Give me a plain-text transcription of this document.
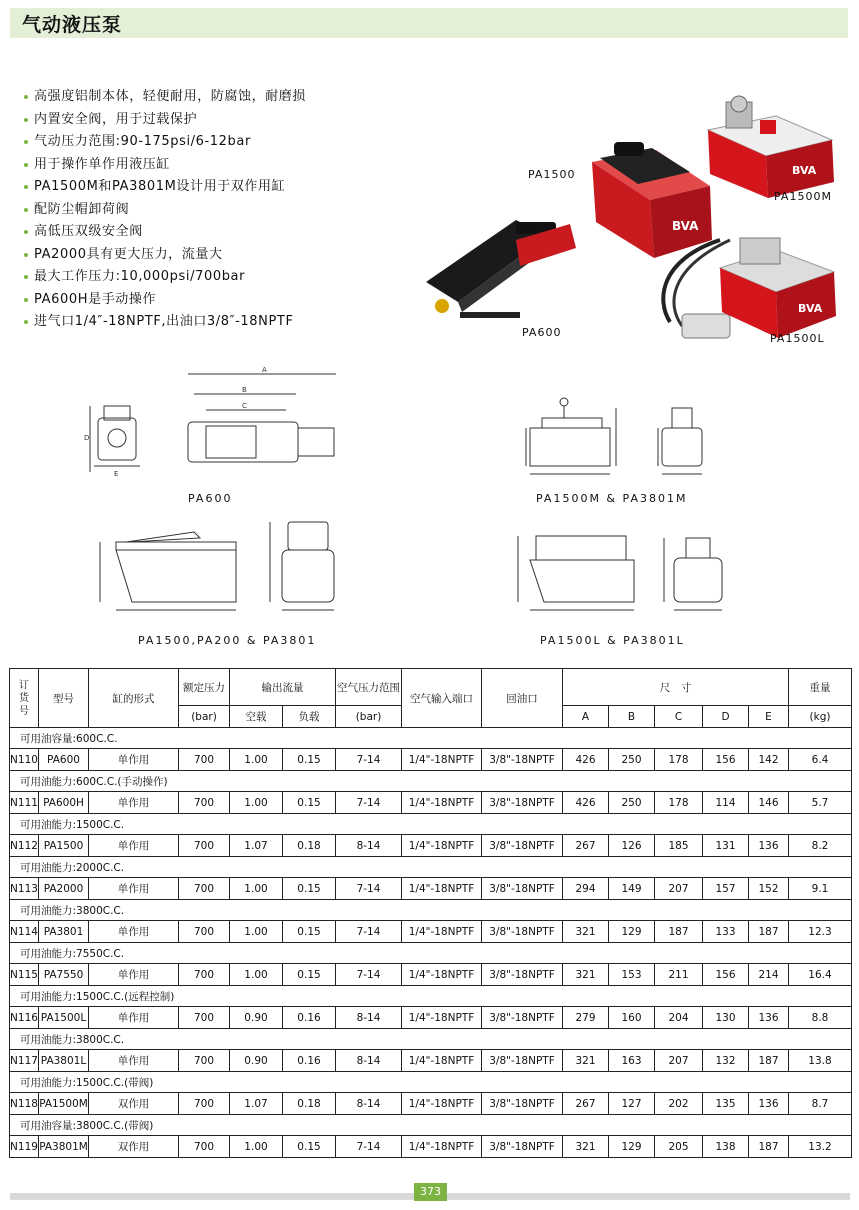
气动液压泵
高强度铝制本体，轻便耐用，防腐蚀，耐磨损
内置安全阀，用于过载保护
气动压力范围:90-175psi/6-12bar
用于操作单作用液压缸
PA1500M和PA3801M设计用于双作用缸
配防尘帽卸荷阀
高低压双级安全阀
PA2000具有更大压力，流量大
最大工作压力:10,000psi/700bar
PA600H是手动操作
进气口1/4″-18NPTF,出油口3/8″-18NPTF
BVA
BVA
BVA
PA1500
PA1500M
PA600	PA1500L
D
E
A
B
C
PA600	PA1500M & PA3801M
PA1500,PA200 & PA3801	PA1500L & PA3801L
订货号	型号	缸的形式	额定压力	输出流量		空气压力范围	空气输入端口	回油口	尺　寸					重量
			(bar)	空载	负载	(bar)			A	B	C	D	E	(kg)
可用油容量:600C.C.														
N110	PA600	单作用	700	1.00	0.15	7-14	1/4"-18NPTF	3/8"-18NPTF	426	250	178	156	142	6.4
可用油能力:600C.C.(手动操作)														
N111	PA600H	单作用	700	1.00	0.15	7-14	1/4"-18NPTF	3/8"-18NPTF	426	250	178	114	146	5.7
可用油能力:1500C.C.														
N112	PA1500	单作用	700	1.07	0.18	8-14	1/4"-18NPTF	3/8"-18NPTF	267	126	185	131	136	8.2
可用油能力:2000C.C.														
N113	PA2000	单作用	700	1.00	0.15	7-14	1/4"-18NPTF	3/8"-18NPTF	294	149	207	157	152	9.1
可用油能力:3800C.C.														
N114	PA3801	单作用	700	1.00	0.15	7-14	1/4"-18NPTF	3/8"-18NPTF	321	129	187	133	187	12.3
可用油能力:7550C.C.														
N115	PA7550	单作用	700	1.00	0.15	7-14	1/4"-18NPTF	3/8"-18NPTF	321	153	211	156	214	16.4
可用油能力:1500C.C.(远程控制)														
N116	PA1500L	单作用	700	0.90	0.16	8-14	1/4"-18NPTF	3/8"-18NPTF	279	160	204	130	136	8.8
可用油能力:3800C.C.														
N117	PA3801L	单作用	700	0.90	0.16	8-14	1/4"-18NPTF	3/8"-18NPTF	321	163	207	132	187	13.8
可用油能力:1500C.C.(带阀)														
N118	PA1500M	双作用	700	1.07	0.18	8-14	1/4"-18NPTF	3/8"-18NPTF	267	127	202	135	136	8.7
可用油容量:3800C.C.(带阀)														
N119	PA3801M	双作用	700	1.00	0.15	7-14	1/4"-18NPTF	3/8"-18NPTF	321	129	205	138	187	13.2
373
